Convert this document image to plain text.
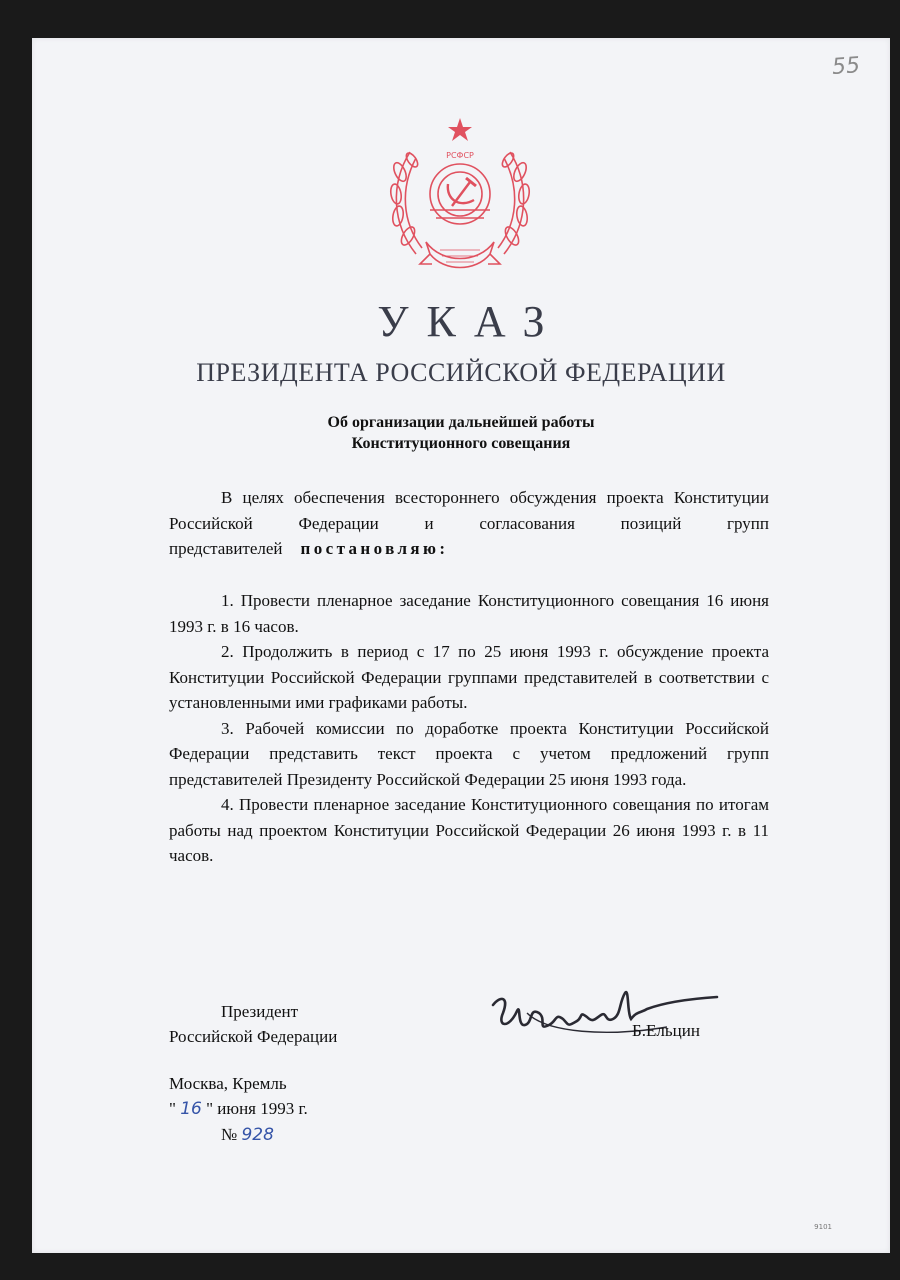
55
РСФСР
УКАЗ
ПРЕЗИДЕНТА РОССИЙСКОЙ ФЕДЕРАЦИИ
Об организации дальнейшей работы
Конституционного совещания
В целях обеспечения всестороннего обсуждения проекта Конституции Российской Федерации и согласования позиций групп представителей постановляю:

1. Провести пленарное заседание Конституционного совещания 16 июня 1993 г. в 16 часов.

2. Продолжить в период с 17 по 25 июня 1993 г. обсуждение проекта Конституции Российской Федерации группами представителей в соответствии с установленными ими графиками работы.

3. Рабочей комиссии по доработке проекта Конституции Российской Федерации представить текст проекта с учетом предложений групп представителей Президенту Российской Федерации 25 июня 1993 года.

4. Провести пленарное заседание Конституционного совещания по итогам работы над проектом Конституции Российской Федерации 26 июня 1993 г. в 11 часов.

Президент
Российской Федерации	Б.Ельцин
Москва, Кремль
" 16 " июня 1993 г.
№ 928
9101
